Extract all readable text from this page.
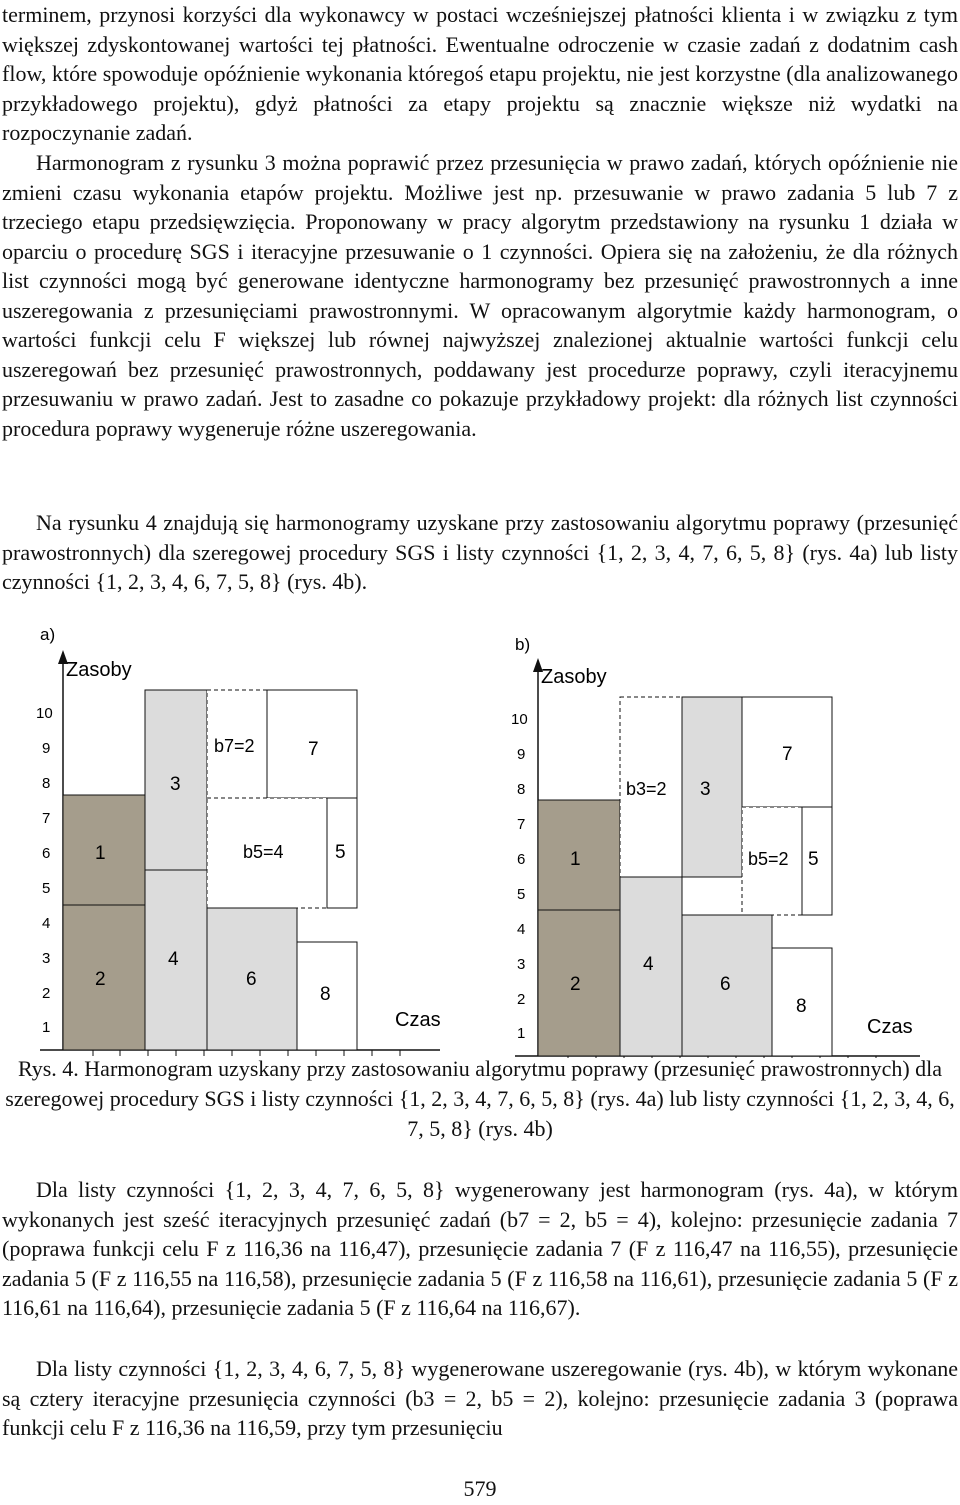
terminem, przynosi korzyści dla wykonawcy w postaci wcześniejszej płatności klienta i w związku z tym większej zdyskontowanej wartości tej płatności. Ewentualne odroczenie w czasie zadań z dodatnim cash flow, które spowoduje opóźnienie wykonania któregoś etapu projektu, nie jest korzystne (dla analizowanego przykładowego projektu), gdyż płatności za etapy projektu są znacznie większe niż wydatki na rozpoczynanie zadań.

Harmonogram z rysunku 3 można poprawić przez przesunięcia w prawo zadań, których opóźnienie nie zmieni czasu wykonania etapów projektu. Możliwe jest np. przesuwanie w prawo zadania 5 lub 7 z trzeciego etapu przedsięwzięcia. Proponowany w pracy algorytm przedstawiony na rysunku 1 działa w oparciu o procedurę SGS i iteracyjne przesuwanie o 1 czynności. Opiera się na założeniu, że dla różnych list czynności mogą być generowane identyczne harmonogramy bez przesunięć prawostronnych a inne uszeregowania z przesunięciami prawostronnymi. W opracowanym algorytmie każdy harmonogram, o wartości funkcji celu F większej lub równej najwyższej znalezionej aktualnie wartości funkcji celu uszeregowań bez przesunięć prawostronnych, poddawany jest procedurze poprawy, czyli iteracyjnemu przesuwaniu w prawo zadań. Jest to zasadne co pokazuje przykładowy projekt: dla różnych list czynności procedura poprawy wygeneruje różne uszeregowania.

Na rysunku 4 znajdują się harmonogramy uzyskane przy zastosowaniu algorytmu poprawy (przesunięć prawostronnych) dla szeregowej procedury SGS i listy czynności {1, 2, 3, 4, 7, 6, 5, 8} (rys. 4a) lub listy czynności {1, 2, 3, 4, 6, 7, 5, 8} (rys. 4b).

a)
Zasoby
Czas
1
2
3
4
5
6
7
8
9
10
1
2
3
4
b7=2	7
b5=4	5
6
8
b)
Zasoby
Czas
1
2
3
4
5
6
7
8
9
10
1
2
b3=2 3
4
7
b5=2 5
6
8

Rys. 4. Harmonogram uzyskany przy zastosowaniu algorytmu poprawy (przesunięć prawostronnych) dla szeregowej procedury SGS i listy czynności {1, 2, 3, 4, 7, 6, 5, 8} (rys. 4a) lub listy czynności {1, 2, 3, 4, 6, 7, 5, 8} (rys. 4b)

Dla listy czynności {1, 2, 3, 4, 7, 6, 5, 8} wygenerowany jest harmonogram (rys. 4a), w którym wykonanych jest sześć iteracyjnych przesunięć zadań (b7 = 2, b5 = 4), kolejno: przesunięcie zadania 7 (poprawa funkcji celu F z 116,36 na 116,47), przesunięcie zadania 7 (F z 116,47 na 116,55), przesunięcie zadania 5 (F z 116,55 na 116,58), przesunięcie zadania 5 (F z 116,58 na 116,61), przesunięcie zadania 5 (F z 116,61 na 116,64), przesunięcie zadania 5 (F z 116,64 na 116,67).

Dla listy czynności {1, 2, 3, 4, 6, 7, 5, 8} wygenerowane uszeregowanie (rys. 4b), w którym wykonane są cztery iteracyjne przesunięcia czynności (b3 = 2, b5 = 2), kolejno: przesunięcie zadania 3 (poprawa funkcji celu F z 116,36 na 116,59, przy tym przesunięciu

579
